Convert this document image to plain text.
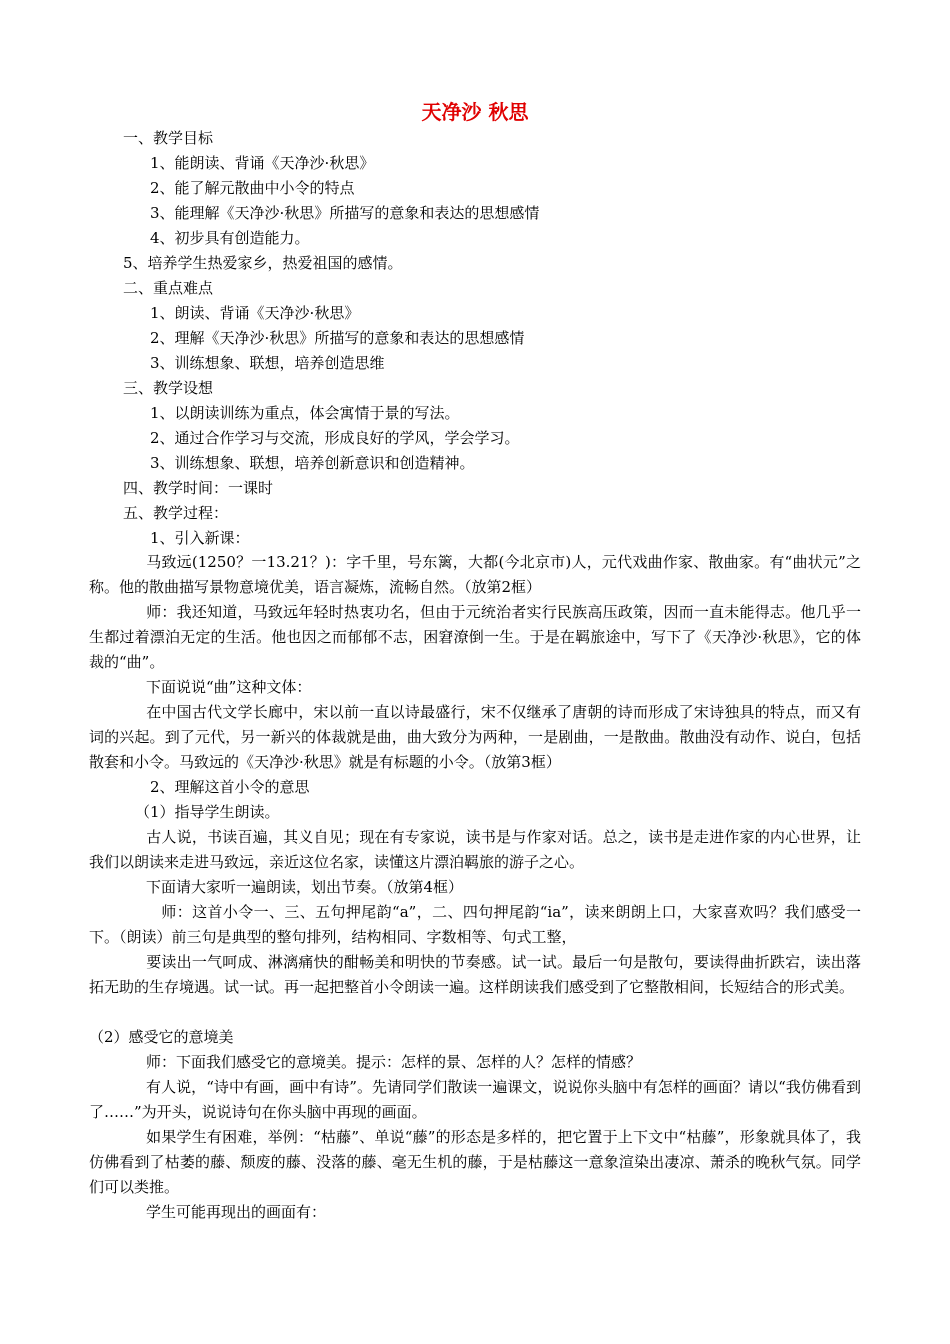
天净沙 秋思
一、教学目标
1、能朗读、背诵《天净沙·秋思》
2、能了解元散曲中小令的特点
3、能理解《天净沙·秋思》所描写的意象和表达的思想感情
4、初步具有创造能力。
5、培养学生热爱家乡，热爱祖国的感情。
二、重点难点
1、朗读、背诵《天净沙·秋思》
2、理解《天净沙·秋思》所描写的意象和表达的思想感情
3、训练想象、联想，培养创造思维
三、教学设想
1、以朗读训练为重点，体会寓情于景的写法。
2、通过合作学习与交流，形成良好的学风，学会学习。
3、训练想象、联想，培养创新意识和创造精神。
四、教学时间：一课时
五、教学过程：
1、引入新课：
马致远(1250？一13.21？)：字千里，号东篱，大都(今北京市)人，元代戏曲作家、散曲家。有“曲状元”之称。他的散曲描写景物意境优美，语言凝炼，流畅自然。（放第2框）
师：我还知道，马致远年轻时热衷功名，但由于元统治者实行民族高压政策，因而一直未能得志。他几乎一生都过着漂泊无定的生活。他也因之而郁郁不志，困窘潦倒一生。于是在羁旅途中，写下了《天净沙·秋思》，它的体裁的“曲”。
下面说说“曲”这种文体：
在中国古代文学长廊中，宋以前一直以诗最盛行，宋不仅继承了唐朝的诗而形成了宋诗独具的特点，而又有词的兴起。到了元代，另一新兴的体裁就是曲，曲大致分为两种，一是剧曲，一是散曲。散曲没有动作、说白，包括散套和小令。马致远的《天净沙·秋思》就是有标题的小令。（放第3框）
2、理解这首小令的意思
（1）指导学生朗读。
古人说，书读百遍，其义自见；现在有专家说，读书是与作家对话。总之，读书是走进作家的内心世界，让我们以朗读来走进马致远，亲近这位名家，读懂这片漂泊羁旅的游子之心。
下面请大家听一遍朗读，划出节奏。（放第4框）
师：这首小令一、三、五句押尾韵“a”，二、四句押尾韵“ia”，读来朗朗上口，大家喜欢吗？我们感受一下。（朗读）前三句是典型的整句排列，结构相同、字数相等、句式工整，
要读出一气呵成、淋漓痛快的酣畅美和明快的节奏感。试一试。最后一句是散句，要读得曲折跌宕，读出落拓无助的生存境遇。试一试。再一起把整首小令朗读一遍。这样朗读我们感受到了它整散相间，长短结合的形式美。
（2）感受它的意境美
师：下面我们感受它的意境美。提示：怎样的景、怎样的人？怎样的情感？
有人说，“诗中有画，画中有诗”。先请同学们散读一遍课文，说说你头脑中有怎样的画面？请以“我仿佛看到了……”为开头，说说诗句在你头脑中再现的画面。
如果学生有困难，举例：“枯藤”、单说“藤”的形态是多样的，把它置于上下文中“枯藤”，形象就具体了，我仿佛看到了枯萎的藤、颓废的藤、没落的藤、毫无生机的藤，于是枯藤这一意象渲染出凄凉、萧杀的晚秋气氛。同学们可以类推。
学生可能再现出的画面有：
